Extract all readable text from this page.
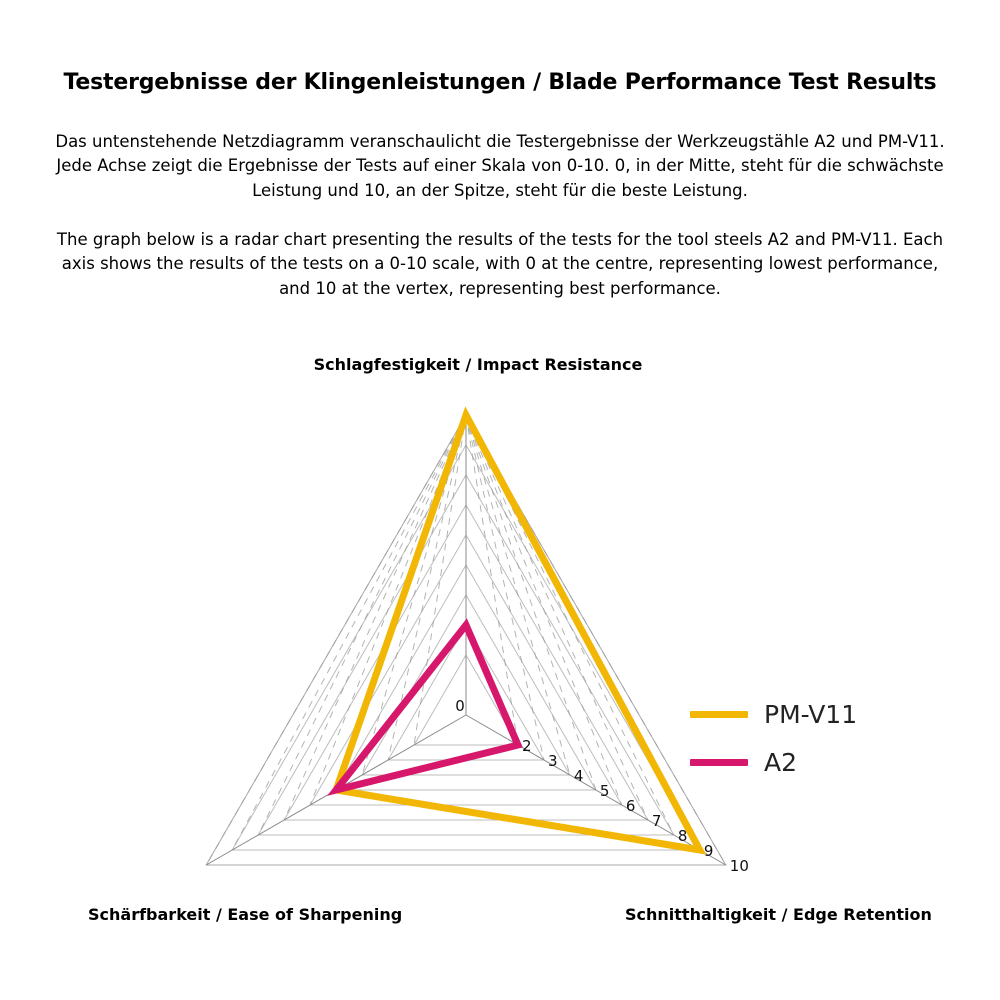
Testergebnisse der Klingenleistungen / Blade Performance Test Results
Das untenstehende Netzdiagramm veranschaulicht die Testergebnisse der Werkzeugstähle A2 und PM-V11. Jede Achse zeigt die Ergebnisse der Tests auf einer Skala von 0-10. 0, in der Mitte, steht für die schwächste Leistung und 10, an der Spitze, steht für die beste Leistung.
The graph below is a radar chart presenting the results of the tests for the tool steels A2 and PM-V11. Each axis shows the results of the tests on a 0-10 scale, with 0 at the centre, representing lowest performance, and 10 at the vertex, representing best performance.
Schlagfestigkeit / Impact Resistance
Schärfbarkeit / Ease of Sharpening	Schnitthaltigkeit / Edge Retention
0
2
3
4
5
6
7
8
9
10
PM-V11
A2
